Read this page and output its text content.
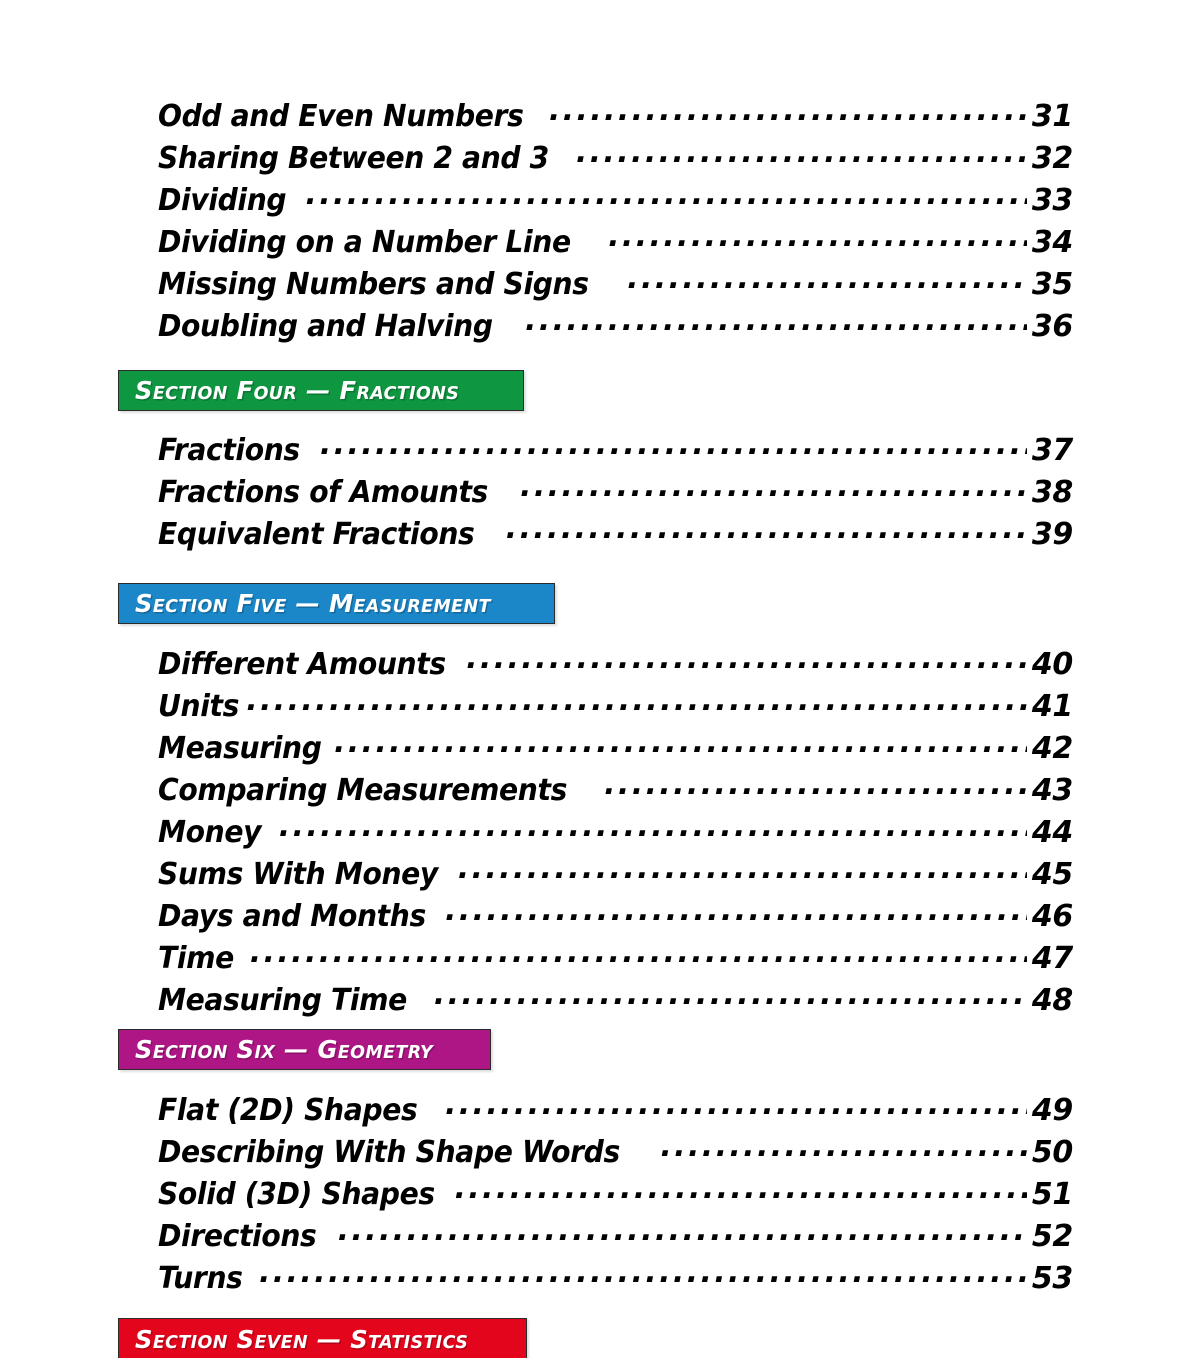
Odd and Even Numbers .....	31
Sharing Between 2 and 3 .....	32
Dividing .....	33
Dividing on a Number Line .....	34
Missing Numbers and Signs .....	35
Doubling and Halving .....	36
Fractions .....	37
Fractions of Amounts .....	38
Equivalent Fractions .....	39
Different Amounts .....	40
Units .....	41
Measuring .....	42
Comparing Measurements .....	43
Money .....	44
Sums With Money .....	45
Days and Months .....	46
Time .....	47
Measuring Time .....	48
Flat (2D) Shapes .....	49
Describing With Shape Words .....	50
Solid (3D) Shapes .....	51
Directions .....	52
Turns .....	53
Section Four — Fractions
Section Five — Measurement
Section Six — Geometry
Section Seven — Statistics
